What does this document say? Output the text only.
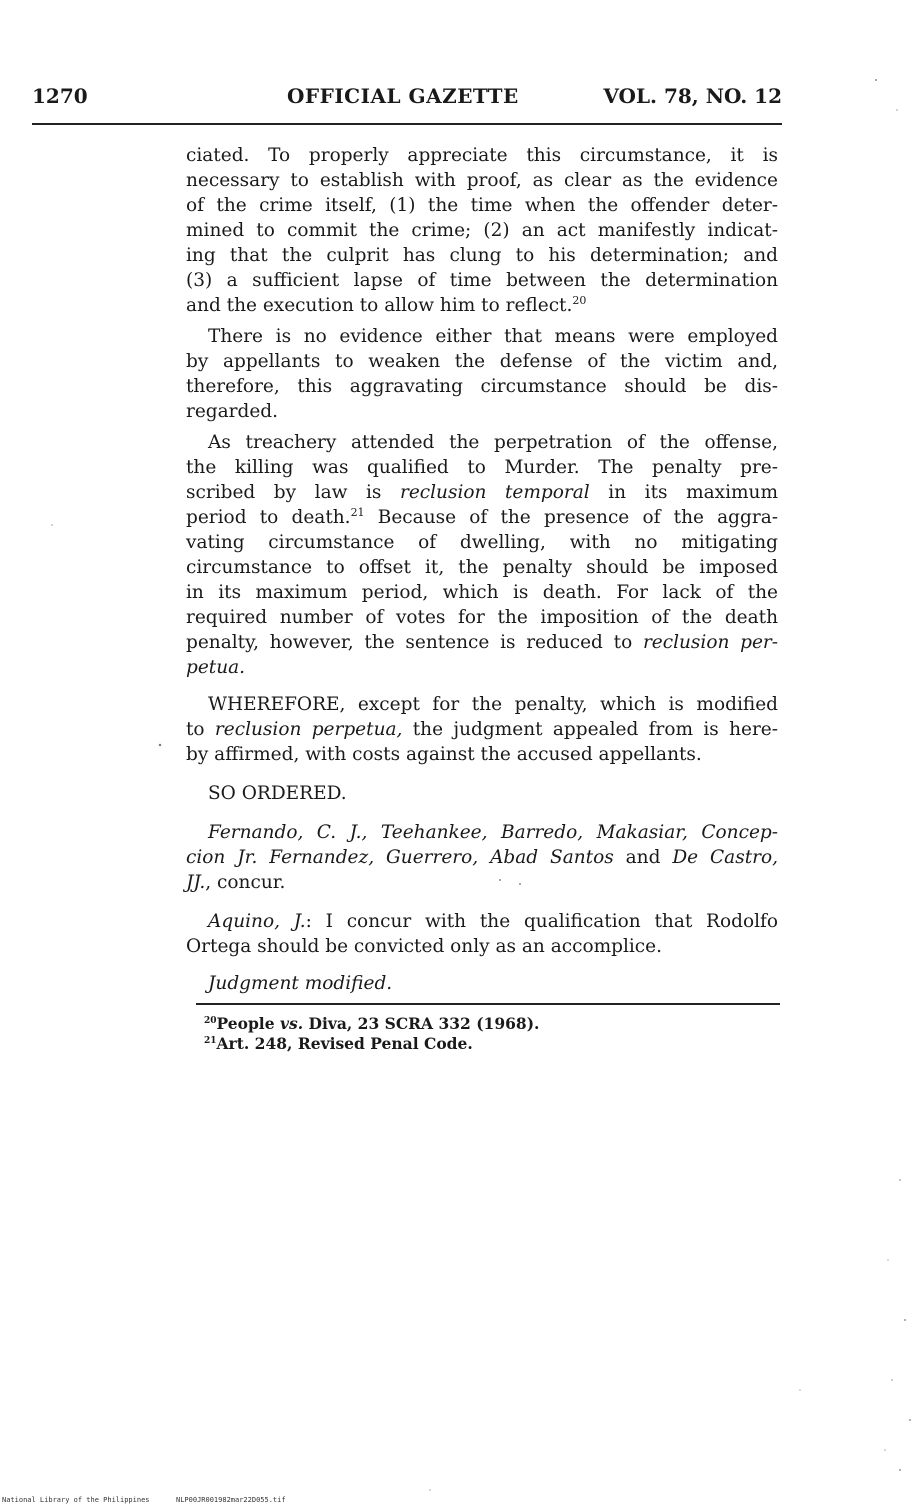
1270	OFFICIAL GAZETTE	VOL. 78, NO. 12
ciated. To properly appreciate this circumstance, it is
necessary to establish with proof, as clear as the evidence
of the crime itself, (1) the time when the offender deter-
mined to commit the crime; (2) an act manifestly indicat-
ing that the culprit has clung to his determination; and
(3) a sufficient lapse of time between the determination
and the execution to allow him to reflect.$^{20}$
There is no evidence either that means were employed
by appellants to weaken the defense of the victim and,
therefore, this aggravating circumstance should be dis-
regarded.
As treachery attended the perpetration of the offense,
the killing was qualified to Murder. The penalty pre-
scribed by law is reclusion temporal in its maximum
period to death.$^{21}$ Because of the presence of the aggra-
vating circumstance of dwelling, with no mitigating
circumstance to offset it, the penalty should be imposed
in its maximum period, which is death. For lack of the
required number of votes for the imposition of the death
penalty, however, the sentence is reduced to reclusion per-
petua.
WHEREFORE, except for the penalty, which is modified
to reclusion perpetua, the judgment appealed from is here-
by affirmed, with costs against the accused appellants.
SO ORDERED.
Fernando, C. J., Teehankee, Barredo, Makasiar, Concep-
cion Jr. Fernandez, Guerrero, Abad Santos and De Castro,
JJ., concur.
Aquino, J.: I concur with the qualification that Rodolfo
Ortega should be convicted only as an accomplice.
Judgment modified.
$^{20}$People vs. Diva, 23 SCRA 332 (1968).
$^{21}$Art. 248, Revised Penal Code.
National Library of the Philippines	NLP00JR001982mar22D055.tif
